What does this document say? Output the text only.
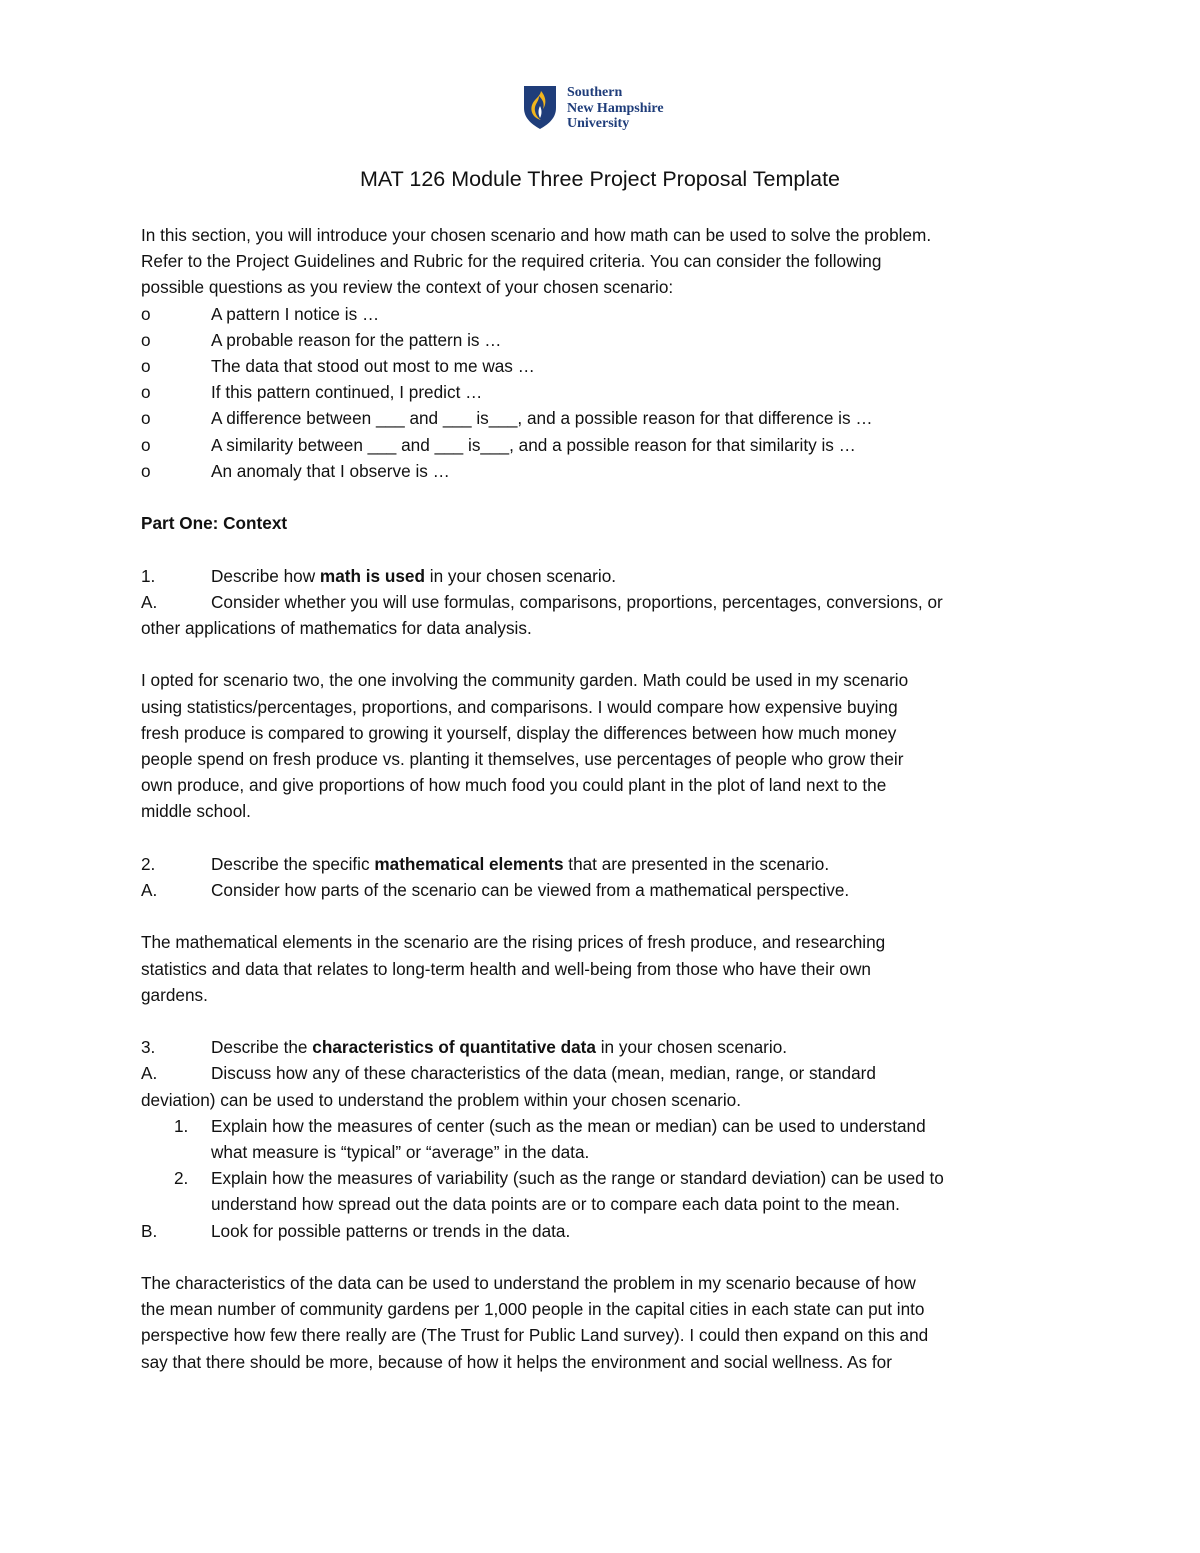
Southern
New Hampshire
University
MAT 126 Module Three Project Proposal Template

In this section, you will introduce your chosen scenario and how math can be used to solve the problem.

Refer to the Project Guidelines and Rubric for the required criteria. You can consider the following

possible questions as you review the context of your chosen scenario:

o	A pattern I notice is …
o	A probable reason for the pattern is …
o	The data that stood out most to me was …
o	If this pattern continued, I predict …
o	A difference between ___ and ___ is___, and a possible reason for that difference is …
o	A similarity between ___ and ___ is___, and a possible reason for that similarity is …
o	An anomaly that I observe is …

Part One: Context

1.	Describe how math is used in your chosen scenario.
A.	Consider whether you will use formulas, comparisons, proportions, percentages, conversions, or

other applications of mathematics for data analysis.

I opted for scenario two, the one involving the community garden. Math could be used in my scenario

using statistics/percentages, proportions, and comparisons. I would compare how expensive buying

fresh produce is compared to growing it yourself, display the differences between how much money

people spend on fresh produce vs. planting it themselves, use percentages of people who grow their

own produce, and give proportions of how much food you could plant in the plot of land next to the

middle school.

2.	Describe the specific mathematical elements that are presented in the scenario.
A.	Consider how parts of the scenario can be viewed from a mathematical perspective.

The mathematical elements in the scenario are the rising prices of fresh produce, and researching

statistics and data that relates to long-term health and well-being from those who have their own

gardens.

3.	Describe the characteristics of quantitative data in your chosen scenario.
A.	Discuss how any of these characteristics of the data (mean, median, range, or standard

deviation) can be used to understand the problem within your chosen scenario.

1.	Explain how the measures of center (such as the mean or median) can be used to understand
what measure is “typical” or “average” in the data.
2.	Explain how the measures of variability (such as the range or standard deviation) can be used to
understand how spread out the data points are or to compare each data point to the mean.
B.	Look for possible patterns or trends in the data.

The characteristics of the data can be used to understand the problem in my scenario because of how

the mean number of community gardens per 1,000 people in the capital cities in each state can put into

perspective how few there really are (The Trust for Public Land survey). I could then expand on this and

say that there should be more, because of how it helps the environment and social wellness. As for
